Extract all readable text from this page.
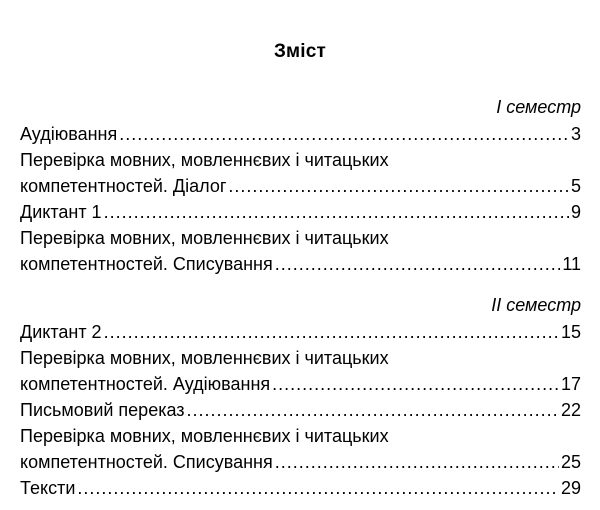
Зміст
І семестр
Аудіювання .....	3
Перевірка мовних, мовленнєвих і читацьких
компетентностей. Діалог .....	5
Диктант 1 .....	9
Перевірка мовних, мовленнєвих і читацьких
компетентностей. Списування .....	11
ІІ семестр
Диктант 2 .....	15
Перевірка мовних, мовленнєвих і читацьких
компетентностей. Аудіювання .....	17
Письмовий переказ .....	22
Перевірка мовних, мовленнєвих і читацьких
компетентностей. Списування .....	25
Тексти .....	29
